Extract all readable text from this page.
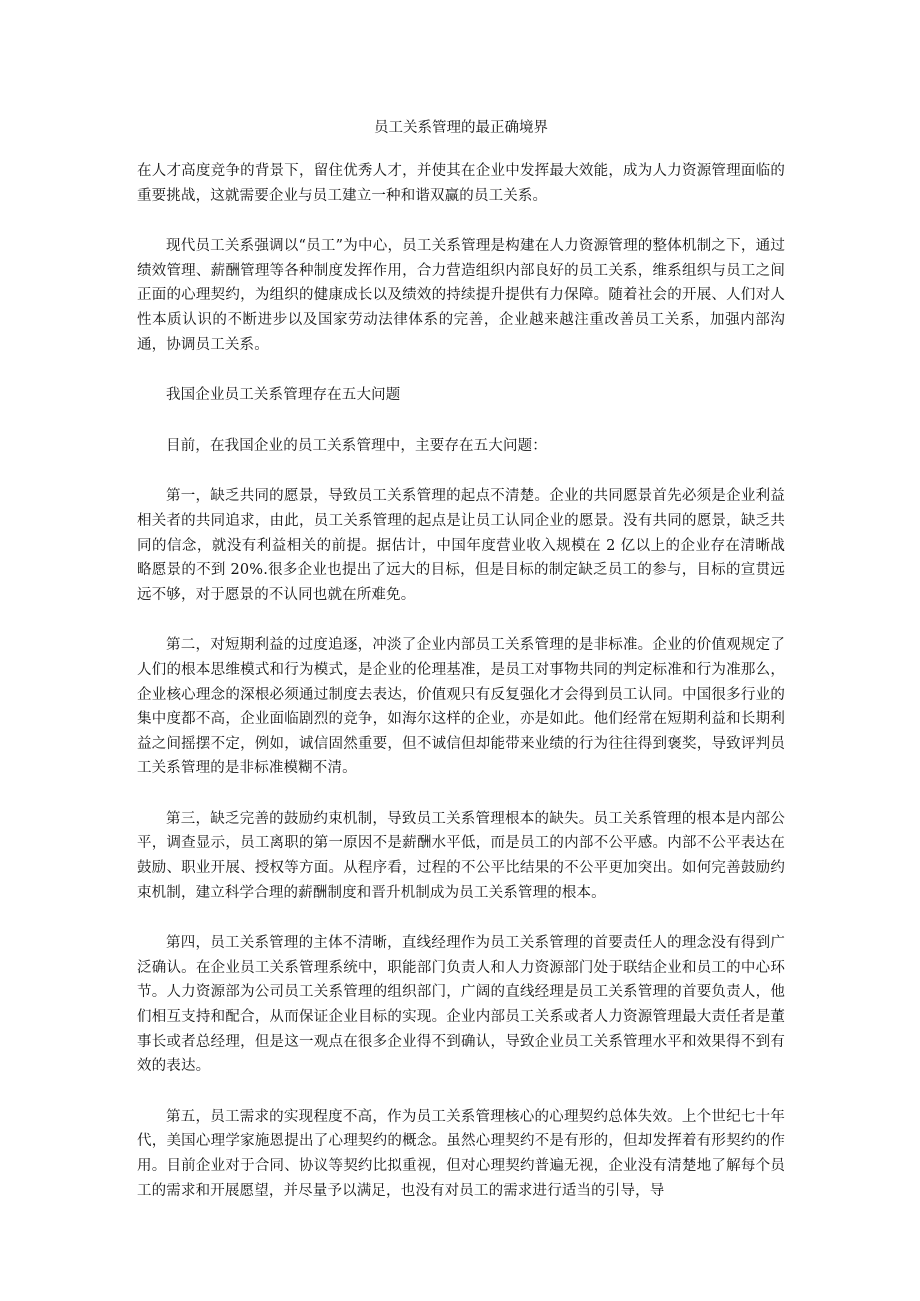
员工关系管理的最正确境界

在人才高度竞争的背景下，留住优秀人才，并使其在企业中发挥最大效能，成为人力资源管理面临的重要挑战，这就需要企业与员工建立一种和谐双赢的员工关系。

现代员工关系强调以“员工”为中心，员工关系管理是构建在人力资源管理的整体机制之下，通过绩效管理、薪酬管理等各种制度发挥作用，合力营造组织内部良好的员工关系，维系组织与员工之间正面的心理契约，为组织的健康成长以及绩效的持续提升提供有力保障。随着社会的开展、人们对人性本质认识的不断进步以及国家劳动法律体系的完善，企业越来越注重改善员工关系，加强内部沟通，协调员工关系。

我国企业员工关系管理存在五大问题

目前，在我国企业的员工关系管理中，主要存在五大问题：

第一，缺乏共同的愿景，导致员工关系管理的起点不清楚。企业的共同愿景首先必须是企业利益相关者的共同追求，由此，员工关系管理的起点是让员工认同企业的愿景。没有共同的愿景，缺乏共同的信念，就没有利益相关的前提。据估计，中国年度营业收入规模在 2 亿以上的企业存在清晰战略愿景的不到 20%.很多企业也提出了远大的目标，但是目标的制定缺乏员工的参与，目标的宣贯远远不够，对于愿景的不认同也就在所难免。

第二，对短期利益的过度追逐，冲淡了企业内部员工关系管理的是非标准。企业的价值观规定了人们的根本思维模式和行为模式，是企业的伦理基准，是员工对事物共同的判定标准和行为准那么，企业核心理念的深根必须通过制度去表达，价值观只有反复强化才会得到员工认同。中国很多行业的集中度都不高，企业面临剧烈的竞争，如海尔这样的企业，亦是如此。他们经常在短期利益和长期利益之间摇摆不定，例如，诚信固然重要，但不诚信但却能带来业绩的行为往往得到褒奖，导致评判员工关系管理的是非标准模糊不清。

第三，缺乏完善的鼓励约束机制，导致员工关系管理根本的缺失。员工关系管理的根本是内部公平，调查显示，员工离职的第一原因不是薪酬水平低，而是员工的内部不公平感。内部不公平表达在鼓励、职业开展、授权等方面。从程序看，过程的不公平比结果的不公平更加突出。如何完善鼓励约束机制，建立科学合理的薪酬制度和晋升机制成为员工关系管理的根本。

第四，员工关系管理的主体不清晰，直线经理作为员工关系管理的首要责任人的理念没有得到广泛确认。在企业员工关系管理系统中，职能部门负责人和人力资源部门处于联结企业和员工的中心环节。人力资源部为公司员工关系管理的组织部门，广阔的直线经理是员工关系管理的首要负责人，他们相互支持和配合，从而保证企业目标的实现。企业内部员工关系或者人力资源管理最大责任者是董事长或者总经理，但是这一观点在很多企业得不到确认，导致企业员工关系管理水平和效果得不到有效的表达。

第五，员工需求的实现程度不高，作为员工关系管理核心的心理契约总体失效。上个世纪七十年代，美国心理学家施恩提出了心理契约的概念。虽然心理契约不是有形的，但却发挥着有形契约的作用。目前企业对于合同、协议等契约比拟重视，但对心理契约普遍无视，企业没有清楚地了解每个员工的需求和开展愿望，并尽量予以满足，也没有对员工的需求进行适当的引导，导
